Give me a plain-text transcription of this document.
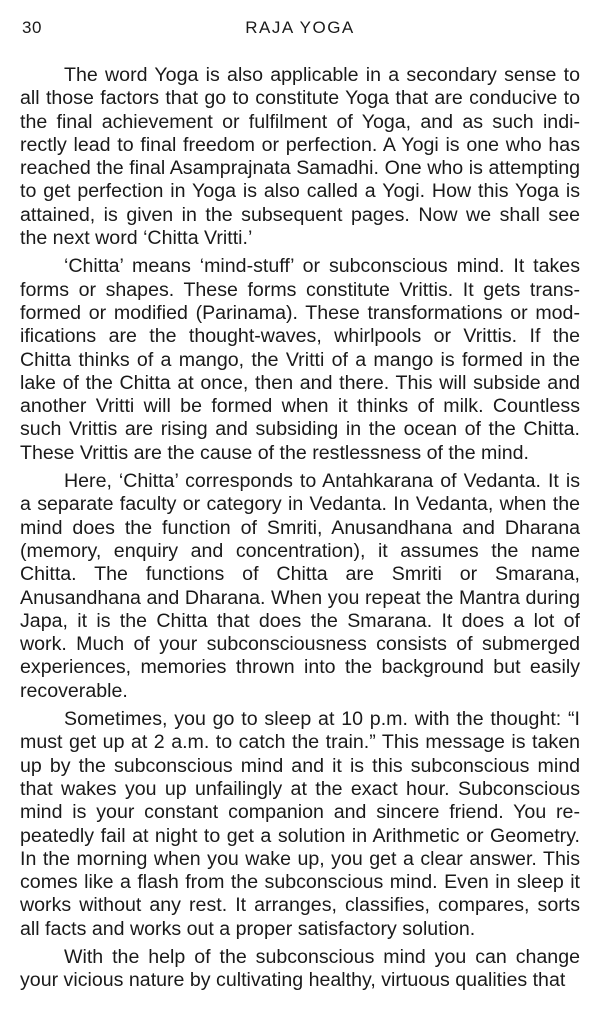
30	RAJA YOGA

The word Yoga is also applicable in a secondary sense to all those factors that go to constitute Yoga that are conducive to the final achievement or fulfilment of Yoga, and as such indirectly lead to final freedom or perfection. A Yogi is one who has reached the final Asamprajnata Samadhi. One who is attempting to get perfection in Yoga is also called a Yogi. How this Yoga is attained, is given in the subsequent pages. Now we shall see the next word ‘Chitta Vritti.’

‘Chitta’ means ‘mind-stuff’ or subconscious mind. It takes forms or shapes. These forms constitute Vrittis. It gets transformed or modified (Parinama). These transformations or modifications are the thought-waves, whirlpools or Vrittis. If the Chitta thinks of a mango, the Vritti of a mango is formed in the lake of the Chitta at once, then and there. This will subside and another Vritti will be formed when it thinks of milk. Countless such Vrittis are rising and subsiding in the ocean of the Chitta. These Vrittis are the cause of the restlessness of the mind.

Here, ‘Chitta’ corresponds to Antahkarana of Vedanta. It is a separate faculty or category in Vedanta. In Vedanta, when the mind does the function of Smriti, Anusandhana and Dharana (memory, enquiry and concentration), it assumes the name Chitta. The functions of Chitta are Smriti or Smarana, Anusandhana and Dharana. When you repeat the Mantra during Japa, it is the Chitta that does the Smarana. It does a lot of work. Much of your subconsciousness consists of submerged experiences, memories thrown into the background but easily recoverable.

Sometimes, you go to sleep at 10 p.m. with the thought: “I must get up at 2 a.m. to catch the train.” This message is taken up by the subconscious mind and it is this subconscious mind that wakes you up unfailingly at the exact hour. Subconscious mind is your constant companion and sincere friend. You repeatedly fail at night to get a solution in Arithmetic or Geometry. In the morning when you wake up, you get a clear answer. This comes like a flash from the subconscious mind. Even in sleep it works without any rest. It arranges, classifies, compares, sorts all facts and works out a proper satisfactory solution.

With the help of the subconscious mind you can change your vicious nature by cultivating healthy, virtuous qualities that
